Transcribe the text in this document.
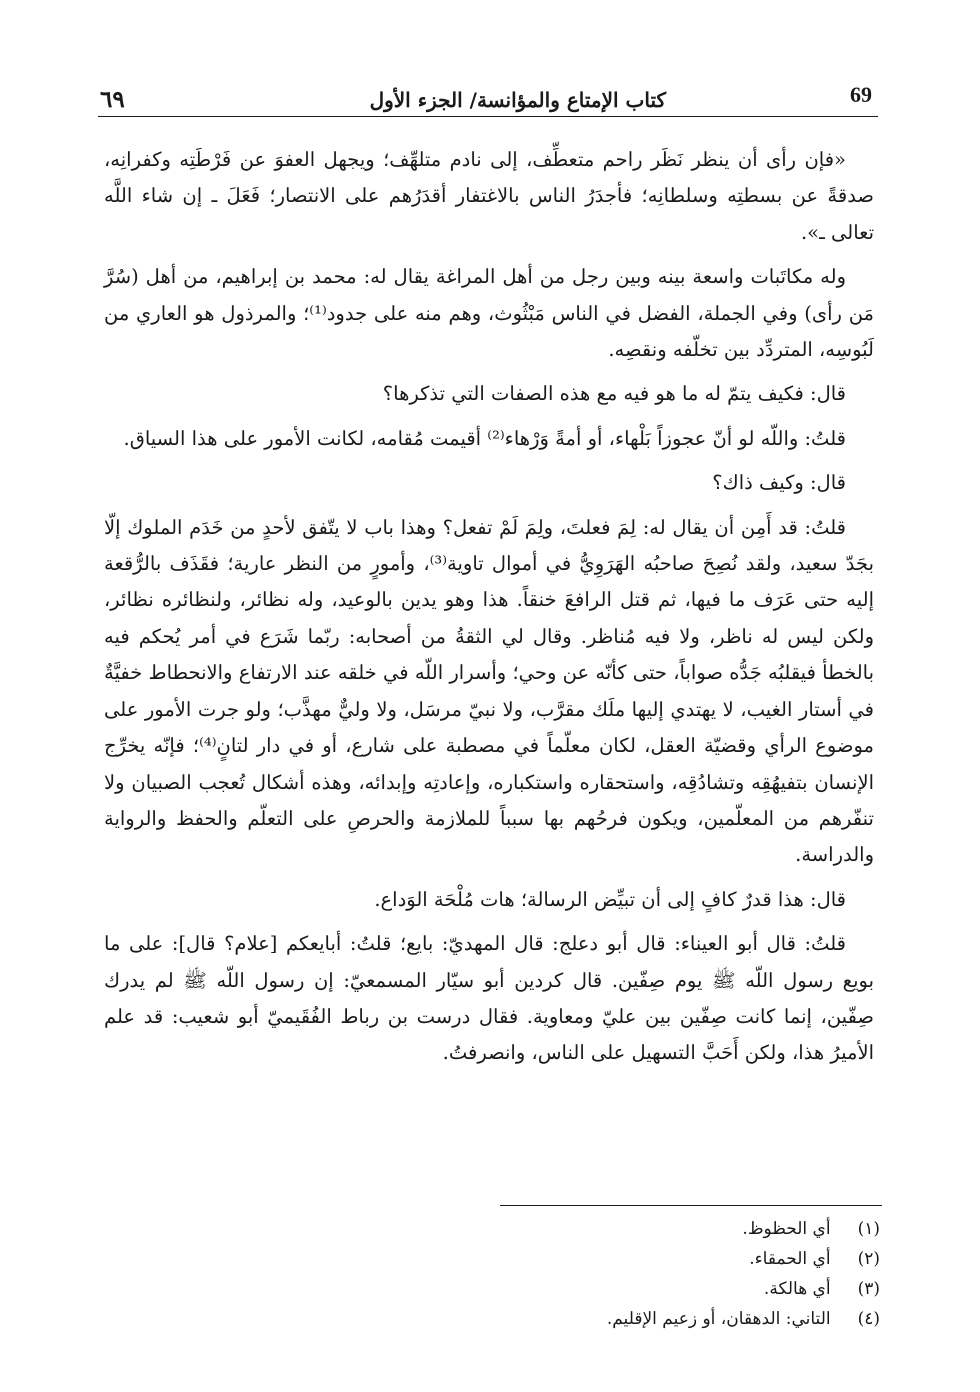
٦٩	كتاب الإمتاع والمؤانسة/ الجزء الأول	69

«فإن رأى أن ينظر نَظَر راحم متعطِّف، إلى نادم متلهِّف؛ ويجهل العفوَ عن فَرْطَتِه وكفرانِه، صدقةً عن بسطتِه وسلطانِه؛ فأجدَرُ الناس بالاغتفار أقدَرُهم على الانتصار؛ فَعَلَ ـ إن شاء اللَّه تعالى ـ».

وله مكاتَبات واسعة بينه وبين رجل من أهل المراغة يقال له: محمد بن إبراهيم، من أهل (سُرَّ مَن رأى) وفي الجملة، الفضل في الناس مَبْثُوث، وهم منه على جدود⁽¹⁾؛ والمرذول هو العاري من لَبُوسِه، المتردِّد بين تخلّفه ونقصِه.

قال: فكيف يتمّ له ما هو فيه مع هذه الصفات التي تذكرها؟

قلتُ: واللّه لو أنّ عجوزاً بَلْهاء، أو أمةً وَرْهاء⁽²⁾ أقيمت مُقامه، لكانت الأمور على هذا السياق.

قال: وكيف ذاك؟

قلتُ: قد أَمِن أن يقال له: لِمَ فعلتَ، ولِمَ لَمْ تفعل؟ وهذا باب لا يتّفق لأحدٍ من خَدَم الملوك إلّا بجَدّ سعيد، ولقد نُصِحَ صاحبُه الهَرَوِيُّ في أموال تاوية⁽³⁾، وأمورٍ من النظر عارية؛ فقَذَف بالرُّقعة إليه حتى عَرَف ما فيها، ثم قتل الرافعَ خنقاً. هذا وهو يدين بالوعيد، وله نظائر، ولنظائره نظائر، ولكن ليس له ناظر، ولا فيه مُناظر. وقال لي الثقةُ من أصحابه: ربّما شَرَع في أمر يُحكم فيه بالخطأ فيقلبُه جَدُّه صواباً، حتى كأنّه عن وحي؛ وأسرار اللّه في خلقه عند الارتفاع والانحطاط خفيَّةٌ في أستار الغيب، لا يهتدي إليها ملَك مقرَّب، ولا نبيّ مرسَل، ولا وليٌّ مهذَّب؛ ولو جرت الأمور على موضوع الرأي وقضيّة العقل، لكان معلّماً في مصطبة على شارع، أو في دار لتانٍ⁽⁴⁾؛ فإنّه يخرِّج الإنسان بتفيهُقِه وتشادُقِه، واستحقاره واستكباره، وإعادتِه وإبدائه، وهذه أشكال تُعجب الصبيان ولا تنفّرهم من المعلّمين، ويكون فرحُهم بها سبباً للملازمة والحرصِ على التعلّم والحفظ والرواية والدراسة.

قال: هذا قدرٌ كافٍ إلى أن تبيِّض الرسالة؛ هات مُلْحَة الوَداع.

قلتُ: قال أبو العيناء: قال أبو دعلج: قال المهديّ: بايع؛ قلتُ: أبايعكم [علام؟ قال]: على ما بويع رسول اللّه ﷺ يوم صِفّين. قال كردين أبو سيّار المسمعيّ: إن رسول اللّه ﷺ لم يدرك صِفّين، إنما كانت صِفّين بين عليّ ومعاوية. فقال درست بن رباط الفُقَيميّ أبو شعيب: قد علم الأميرُ هذا، ولكن أَحَبَّ التسهيل على الناس، وانصرفتُ.

(١) أي الحظوظ.
(٢) أي الحمقاء.
(٣) أي هالكة.
(٤) التاني: الدهقان، أو زعيم الإقليم.
